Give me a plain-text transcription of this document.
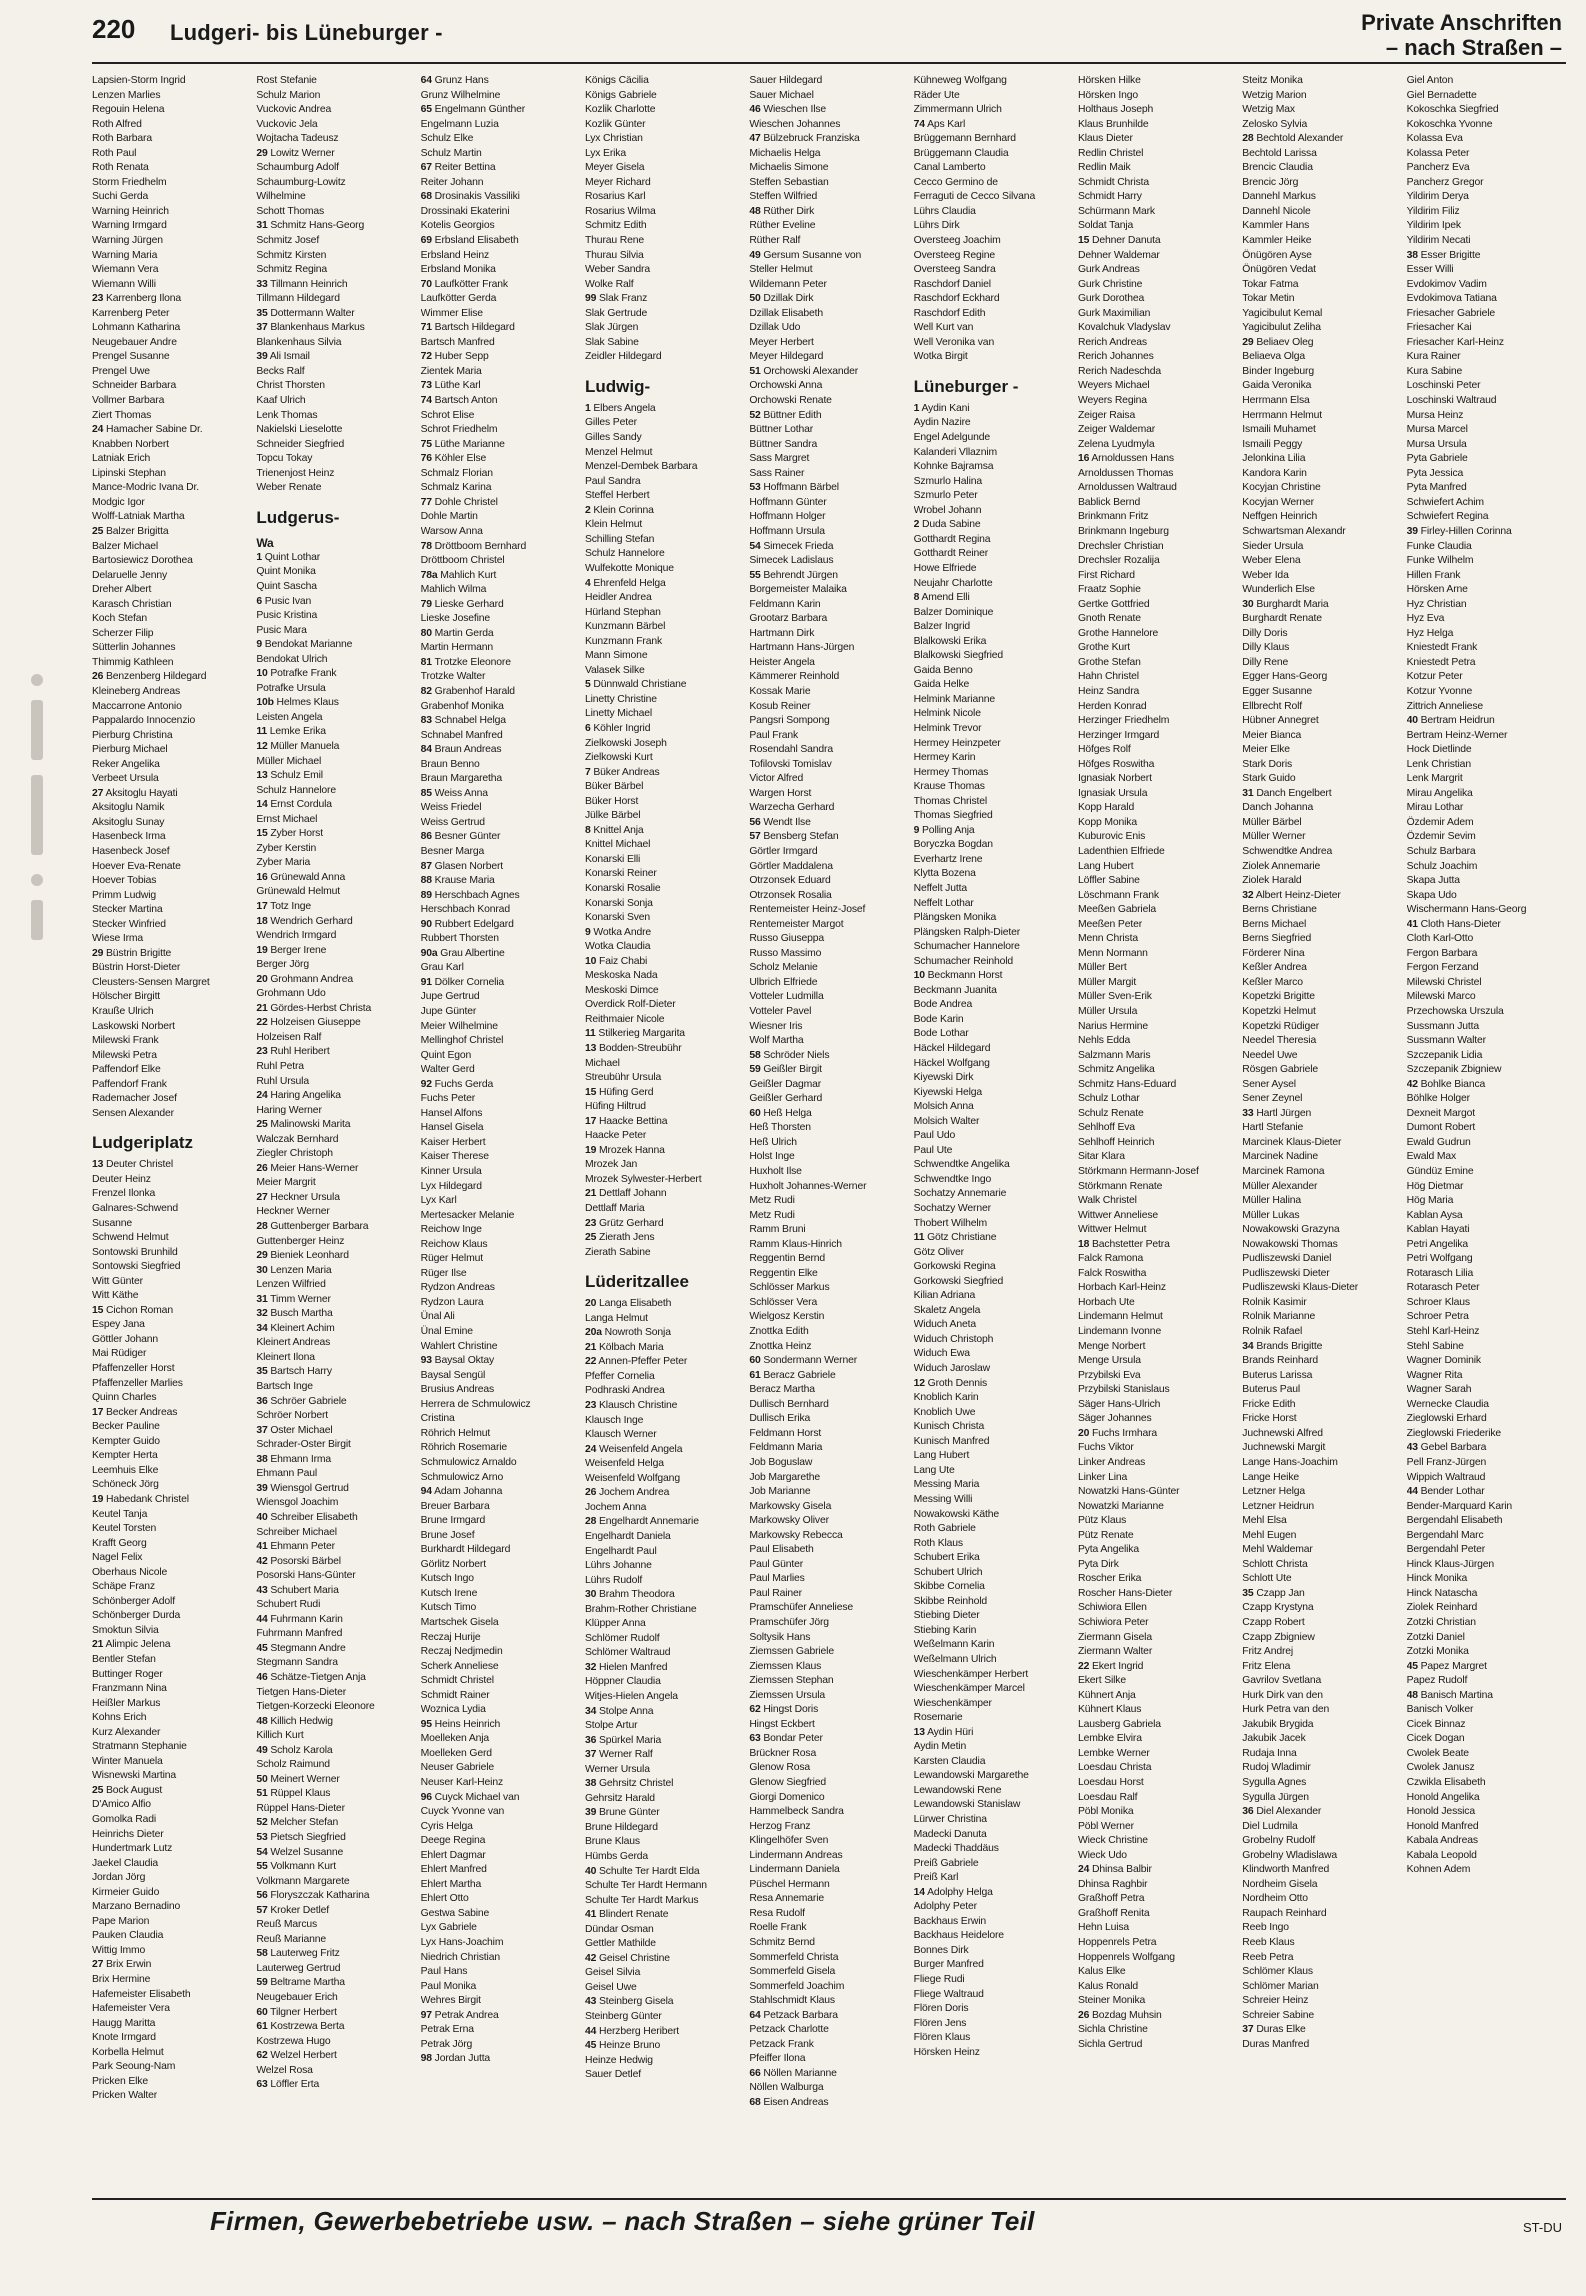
220 Ludgeri- bis Lüneburger -	Private Anschriften
– nach Straßen –
Lapsien-Storm Ingrid
Lenzen Marlies
Regouin Helena
Roth Alfred
Roth Barbara
Roth Paul
Roth Renata
Storm Friedhelm
Suchi Gerda
Warning Heinrich
Warning Irmgard
Warning Jürgen
Warning Maria
Wiemann Vera
Wiemann Willi
23 Karrenberg Ilona
Karrenberg Peter
Lohmann Katharina
Neugebauer Andre
Prengel Susanne
Prengel Uwe
Schneider Barbara
Vollmer Barbara
Ziert Thomas
24 Hamacher Sabine Dr.
Knabben Norbert
Latniak Erich
Lipinski Stephan
Mance-Modric Ivana Dr.
Modgic Igor
Wolff-Latniak Martha
25 Balzer Brigitta
Balzer Michael
Bartosiewicz Dorothea
Delaruelle Jenny
Dreher Albert
Karasch Christian
Koch Stefan
Scherzer Filip
Sütterlin Johannes
Thimmig Kathleen
26 Benzenberg Hildegard
Kleineberg Andreas
Maccarrone Antonio
Pappalardo Innocenzio
Pierburg Christina
Pierburg Michael
Reker Angelika
Verbeet Ursula
27 Aksitoglu Hayati
Aksitoglu Namik
Aksitoglu Sunay
Hasenbeck Irma
Hasenbeck Josef
Hoever Eva-Renate
Hoever Tobias
Primm Ludwig
Stecker Martina
Stecker Winfried
Wiese Irma
29 Büstrin Brigitte
Büstrin Horst-Dieter
Cleusters-Sensen Margret
Hölscher Birgitt
Krauße Ulrich
Laskowski Norbert
Milewski Frank
Milewski Petra
Paffendorf Elke
Paffendorf Frank
Rademacher Josef
Sensen Alexander
Ludgeriplatz
13 Deuter Christel
Deuter Heinz
Frenzel Ilonka
Galnares-Schwend
Susanne
Schwend Helmut
Sontowski Brunhild
Sontowski Siegfried
Witt Günter
Witt Käthe
15 Cichon Roman
Espey Jana
Göttler Johann
Mai Rüdiger
Pfaffenzeller Horst
Pfaffenzeller Marlies
Quinn Charles
17 Becker Andreas
Becker Pauline
Kempter Guido
Kempter Herta
Leemhuis Elke
Schöneck Jörg
19 Habedank Christel
Keutel Tanja
Keutel Torsten
Krafft Georg
Nagel Felix
Oberhaus Nicole
Schäpe Franz
Schönberger Adolf
Schönberger Durda
Smoktun Silvia
21 Alimpic Jelena
Bentler Stefan
Buttinger Roger
Franzmann Nina
Heißler Markus
Kohns Erich
Kurz Alexander
Stratmann Stephanie
Winter Manuela
Wisnewski Martina
25 Bock August
D'Amico Alfio
Gomolka Radi
Heinrichs Dieter
Hundertmark Lutz
Jaekel Claudia
Jordan Jörg
Kirmeier Guido
Marzano Bernadino
Pape Marion
Pauken Claudia
Wittig Immo
27 Brix Erwin
Brix Hermine
Hafemeister Elisabeth
Hafemeister Vera
Haugg Maritta
Knote Irmgard
Korbella Helmut
Park Seoung-Nam
Pricken Elke
Pricken Walter
Rost Stefanie
Schulz Marion
Vuckovic Andrea
Vuckovic Jela
Wojtacha Tadeusz
29 Lowitz Werner
Schaumburg Adolf
Schaumburg-Lowitz
Wilhelmine
Schott Thomas
31 Schmitz Hans-Georg
Schmitz Josef
Schmitz Kirsten
Schmitz Regina
33 Tillmann Heinrich
Tillmann Hildegard
35 Dottermann Walter
37 Blankenhaus Markus
Blankenhaus Silvia
39 Ali Ismail
Becks Ralf
Christ Thorsten
Kaaf Ulrich
Lenk Thomas
Nakielski Lieselotte
Schneider Siegfried
Topcu Tokay
Trienenjost Heinz
Weber Renate
Ludgerus-
Wa
1 Quint Lothar
Quint Monika
Quint Sascha
6 Pusic Ivan
Pusic Kristina
Pusic Mara
9 Bendokat Marianne
Bendokat Ulrich
10 Potrafke Frank
Potrafke Ursula
10b Helmes Klaus
Leisten Angela
11 Lemke Erika
12 Müller Manuela
Müller Michael
13 Schulz Emil
Schulz Hannelore
14 Ernst Cordula
Ernst Michael
15 Zyber Horst
Zyber Kerstin
Zyber Maria
16 Grünewald Anna
Grünewald Helmut
17 Totz Inge
18 Wendrich Gerhard
Wendrich Irmgard
19 Berger Irene
Berger Jörg
20 Grohmann Andrea
Grohmann Udo
21 Gördes-Herbst Christa
22 Holzeisen Giuseppe
Holzeisen Ralf
23 Ruhl Heribert
Ruhl Petra
Ruhl Ursula
24 Haring Angelika
Haring Werner
25 Malinowski Marita
Walczak Bernhard
Ziegler Christoph
26 Meier Hans-Werner
Meier Margrit
27 Heckner Ursula
Heckner Werner
28 Guttenberger Barbara
Guttenberger Heinz
29 Bieniek Leonhard
30 Lenzen Maria
Lenzen Wilfried
31 Timm Werner
32 Busch Martha
34 Kleinert Achim
Kleinert Andreas
Kleinert Ilona
35 Bartsch Harry
Bartsch Inge
36 Schröer Gabriele
Schröer Norbert
37 Oster Michael
Schrader-Oster Birgit
38 Ehmann Irma
Ehmann Paul
39 Wiensgol Gertrud
Wiensgol Joachim
40 Schreiber Elisabeth
Schreiber Michael
41 Ehmann Peter
42 Posorski Bärbel
Posorski Hans-Günter
43 Schubert Maria
Schubert Rudi
44 Fuhrmann Karin
Fuhrmann Manfred
45 Stegmann Andre
Stegmann Sandra
46 Schätze-Tietgen Anja
Tietgen Hans-Dieter
Tietgen-Korzecki Eleonore
48 Killich Hedwig
Killich Kurt
49 Scholz Karola
Scholz Raimund
50 Meinert Werner
51 Rüppel Klaus
Rüppel Hans-Dieter
52 Melcher Stefan
53 Pietsch Siegfried
54 Welzel Susanne
55 Volkmann Kurt
Volkmann Margarete
56 Floryszczak Katharina
57 Kroker Detlef
Reuß Marcus
Reuß Marianne
58 Lauterweg Fritz
Lauterweg Gertrud
59 Beltrame Martha
Neugebauer Erich
60 Tilgner Herbert
61 Kostrzewa Berta
Kostrzewa Hugo
62 Welzel Herbert
Welzel Rosa
63 Löffler Erta
64 Grunz Hans
Grunz Wilhelmine
65 Engelmann Günther
Engelmann Luzia
Schulz Elke
Schulz Martin
67 Reiter Bettina
Reiter Johann
68 Drosinakis Vassiliki
Drossinaki Ekaterini
Kotelis Georgios
69 Erbsland Elisabeth
Erbsland Heinz
Erbsland Monika
70 Laufkötter Frank
Laufkötter Gerda
Wimmer Elise
71 Bartsch Hildegard
Bartsch Manfred
72 Huber Sepp
Zientek Maria
73 Lüthe Karl
74 Bartsch Anton
Schrot Elise
Schrot Friedhelm
75 Lüthe Marianne
76 Köhler Else
Schmalz Florian
Schmalz Karina
77 Dohle Christel
Dohle Martin
Warsow Anna
78 Dröttboom Bernhard
Dröttboom Christel
78a Mahlich Kurt
Mahlich Wilma
79 Lieske Gerhard
Lieske Josefine
80 Martin Gerda
Martin Hermann
81 Trotzke Eleonore
Trotzke Walter
82 Grabenhof Harald
Grabenhof Monika
83 Schnabel Helga
Schnabel Manfred
84 Braun Andreas
Braun Benno
Braun Margaretha
85 Weiss Anna
Weiss Friedel
Weiss Gertrud
86 Besner Günter
Besner Marga
87 Glasen Norbert
88 Krause Maria
89 Herschbach Agnes
Herschbach Konrad
90 Rubbert Edelgard
Rubbert Thorsten
90a Grau Albertine
Grau Karl
91 Dölker Cornelia
Jupe Gertrud
Jupe Günter
Meier Wilhelmine
Mellinghof Christel
Quint Egon
Walter Gerd
92 Fuchs Gerda
Fuchs Peter
Hansel Alfons
Hansel Gisela
Kaiser Herbert
Kaiser Therese
Kinner Ursula
Lyx Hildegard
Lyx Karl
Mertesacker Melanie
Reichow Inge
Reichow Klaus
Rüger Helmut
Rüger Ilse
Rydzon Andreas
Rydzon Laura
Ünal Ali
Ünal Emine
Wahlert Christine
93 Baysal Oktay
Baysal Sengül
Brusius Andreas
Herrera de Schmulowicz
Cristina
Röhrich Helmut
Röhrich Rosemarie
Schmulowicz Arnaldo
Schmulowicz Arno
94 Adam Johanna
Breuer Barbara
Brune Irmgard
Brune Josef
Burkhardt Hildegard
Görlitz Norbert
Kutsch Ingo
Kutsch Irene
Kutsch Timo
Martschek Gisela
Reczaj Hurije
Reczaj Nedjmedin
Scherk Anneliese
Schmidt Christel
Schmidt Rainer
Woznica Lydia
95 Heins Heinrich
Moelleken Anja
Moelleken Gerd
Neuser Gabriele
Neuser Karl-Heinz
96 Cuyck Michael van
Cuyck Yvonne van
Cyris Helga
Deege Regina
Ehlert Dagmar
Ehlert Manfred
Ehlert Martha
Ehlert Otto
Gestwa Sabine
Lyx Gabriele
Lyx Hans-Joachim
Niedrich Christian
Paul Hans
Paul Monika
Wehres Birgit
97 Petrak Andrea
Petrak Erna
Petrak Jörg
98 Jordan Jutta
Königs Cäcilia
Königs Gabriele
Kozlik Charlotte
Kozlik Günter
Lyx Christian
Lyx Erika
Meyer Gisela
Meyer Richard
Rosarius Karl
Rosarius Wilma
Schmitz Edith
Thurau Rene
Thurau Silvia
Weber Sandra
Wolke Ralf
99 Slak Franz
Slak Gertrude
Slak Jürgen
Slak Sabine
Zeidler Hildegard
Ludwig-
1 Elbers Angela
Gilles Peter
Gilles Sandy
Menzel Helmut
Menzel-Dembek Barbara
Paul Sandra
Steffel Herbert
2 Klein Corinna
Klein Helmut
Schilling Stefan
Schulz Hannelore
Wulfekotte Monique
4 Ehrenfeld Helga
Heidler Andrea
Hürland Stephan
Kunzmann Bärbel
Kunzmann Frank
Mann Simone
Valasek Silke
5 Dünnwald Christiane
Linetty Christine
Linetty Michael
6 Köhler Ingrid
Zielkowski Joseph
Zielkowski Kurt
7 Büker Andreas
Büker Bärbel
Büker Horst
Jülke Bärbel
8 Knittel Anja
Knittel Michael
Konarski Elli
Konarski Reiner
Konarski Rosalie
Konarski Sonja
Konarski Sven
9 Wotka Andre
Wotka Claudia
10 Faiz Chabi
Meskoska Nada
Meskoski Dimce
Overdick Rolf-Dieter
Reithmaier Nicole
11 Stilkerieg Margarita
13 Bodden-Streubühr
Michael
Streubühr Ursula
15 Hüfing Gerd
Hüfing Hiltrud
17 Haacke Bettina
Haacke Peter
19 Mrozek Hanna
Mrozek Jan
Mrozek Sylwester-Herbert
21 Dettlaff Johann
Dettlaff Maria
23 Grütz Gerhard
25 Zierath Jens
Zierath Sabine
Lüderitzallee
20 Langa Elisabeth
Langa Helmut
20a Nowroth Sonja
21 Kölbach Maria
22 Annen-Pfeffer Peter
Pfeffer Cornelia
Podhraski Andrea
23 Klausch Christine
Klausch Inge
Klausch Werner
24 Weisenfeld Angela
Weisenfeld Helga
Weisenfeld Wolfgang
26 Jochem Andrea
Jochem Anna
28 Engelhardt Annemarie
Engelhardt Daniela
Engelhardt Paul
Lührs Johanne
Lührs Rudolf
30 Brahm Theodora
Brahm-Rother Christiane
Klüpper Anna
Schlömer Rudolf
Schlömer Waltraud
32 Hielen Manfred
Höppner Claudia
Witjes-Hielen Angela
34 Stolpe Anna
Stolpe Artur
36 Spürkel Maria
37 Werner Ralf
Werner Ursula
38 Gehrsitz Christel
Gehrsitz Harald
39 Brune Günter
Brune Hildegard
Brune Klaus
Hümbs Gerda
40 Schulte Ter Hardt Elda
Schulte Ter Hardt Hermann
Schulte Ter Hardt Markus
41 Blindert Renate
Dündar Osman
Gettler Mathilde
42 Geisel Christine
Geisel Silvia
Geisel Uwe
43 Steinberg Gisela
Steinberg Günter
44 Herzberg Heribert
45 Heinze Bruno
Heinze Hedwig
Sauer Detlef
Sauer Hildegard
Sauer Michael
46 Wieschen Ilse
Wieschen Johannes
47 Bülzebruck Franziska
Michaelis Helga
Michaelis Simone
Steffen Sebastian
Steffen Wilfried
48 Rüther Dirk
Rüther Eveline
Rüther Ralf
49 Gersum Susanne von
Steller Helmut
Wildemann Peter
50 Dzillak Dirk
Dzillak Elisabeth
Dzillak Udo
Meyer Herbert
Meyer Hildegard
51 Orchowski Alexander
Orchowski Anna
Orchowski Renate
52 Büttner Edith
Büttner Lothar
Büttner Sandra
Sass Margret
Sass Rainer
53 Hoffmann Bärbel
Hoffmann Günter
Hoffmann Holger
Hoffmann Ursula
54 Simecek Frieda
Simecek Ladislaus
55 Behrendt Jürgen
Borgemeister Malaika
Feldmann Karin
Grootarz Barbara
Hartmann Dirk
Hartmann Hans-Jürgen
Heister Angela
Kämmerer Reinhold
Kossak Marie
Kosub Reiner
Pangsri Sompong
Paul Frank
Rosendahl Sandra
Tofilovski Tomislav
Victor Alfred
Wargen Horst
Warzecha Gerhard
56 Wendt Ilse
57 Bensberg Stefan
Görtler Irmgard
Görtler Maddalena
Otrzonsek Eduard
Otrzonsek Rosalia
Rentemeister Heinz-Josef
Rentemeister Margot
Russo Giuseppa
Russo Massimo
Scholz Melanie
Ulbrich Elfriede
Votteler Ludmilla
Votteler Pavel
Wiesner Iris
Wolf Martha
58 Schröder Niels
59 Geißler Birgit
Geißler Dagmar
Geißler Gerhard
60 Heß Helga
Heß Thorsten
Heß Ulrich
Holst Inge
Huxholt Ilse
Huxholt Johannes-Werner
Metz Rudi
Metz Rudi
Ramm Bruni
Ramm Klaus-Hinrich
Reggentin Bernd
Reggentin Elke
Schlösser Markus
Schlösser Vera
Wielgosz Kerstin
Znottka Edith
Znottka Heinz
60 Sondermann Werner
61 Beracz Gabriele
Beracz Martha
Dullisch Bernhard
Dullisch Erika
Feldmann Horst
Feldmann Maria
Job Boguslaw
Job Margarethe
Job Marianne
Markowsky Gisela
Markowsky Oliver
Markowsky Rebecca
Paul Elisabeth
Paul Günter
Paul Marlies
Paul Rainer
Pramschüfer Anneliese
Pramschüfer Jörg
Soltysik Hans
Ziemssen Gabriele
Ziemssen Klaus
Ziemssen Stephan
Ziemssen Ursula
62 Hingst Doris
Hingst Eckbert
63 Bondar Peter
Brückner Rosa
Glenow Rosa
Glenow Siegfried
Giorgi Domenico
Hammelbeck Sandra
Herzog Franz
Klingelhöfer Sven
Lindermann Andreas
Lindermann Daniela
Püschel Hermann
Resa Annemarie
Resa Rudolf
Roelle Frank
Schmitz Bernd
Sommerfeld Christa
Sommerfeld Gisela
Sommerfeld Joachim
Stahlschmidt Klaus
64 Petzack Barbara
Petzack Charlotte
Petzack Frank
Pfeiffer Ilona
66 Nöllen Marianne
Nöllen Walburga
68 Eisen Andreas
Kühneweg Wolfgang
Räder Ute
Zimmermann Ulrich
74 Aps Karl
Brüggemann Bernhard
Brüggemann Claudia
Canal Lamberto
Cecco Germino de
Ferraguti de Cecco Silvana
Lührs Claudia
Lührs Dirk
Oversteeg Joachim
Oversteeg Regine
Oversteeg Sandra
Raschdorf Daniel
Raschdorf Eckhard
Raschdorf Edith
Well Kurt van
Well Veronika van
Wotka Birgit
Lüneburger -
1 Aydin Kani
Aydin Nazire
Engel Adelgunde
Kalanderi Vllaznim
Kohnke Bajramsa
Szmurlo Halina
Szmurlo Peter
Wrobel Johann
2 Duda Sabine
Gotthardt Regina
Gotthardt Reiner
Howe Elfriede
Neujahr Charlotte
8 Amend Elli
Balzer Dominique
Balzer Ingrid
Blalkowski Erika
Blalkowski Siegfried
Gaida Benno
Gaida Helke
Helmink Marianne
Helmink Nicole
Helmink Trevor
Hermey Heinzpeter
Hermey Karin
Hermey Thomas
Krause Thomas
Thomas Christel
Thomas Siegfried
9 Polling Anja
Boryczka Bogdan
Everhartz Irene
Klytta Bozena
Neffelt Jutta
Neffelt Lothar
Plängsken Monika
Plängsken Ralph-Dieter
Schumacher Hannelore
Schumacher Reinhold
10 Beckmann Horst
Beckmann Juanita
Bode Andrea
Bode Karin
Bode Lothar
Häckel Hildegard
Häckel Wolfgang
Kiyewski Dirk
Kiyewski Helga
Molsich Anna
Molsich Walter
Paul Udo
Paul Ute
Schwendtke Angelika
Schwendtke Ingo
Sochatzy Annemarie
Sochatzy Werner
Thobert Wilhelm
11 Götz Christiane
Götz Oliver
Gorkowski Regina
Gorkowski Siegfried
Kilian Adriana
Skaletz Angela
Widuch Aneta
Widuch Christoph
Widuch Ewa
Widuch Jaroslaw
12 Groth Dennis
Knoblich Karin
Knoblich Uwe
Kunisch Christa
Kunisch Manfred
Lang Hubert
Lang Ute
Messing Maria
Messing Willi
Nowakowski Käthe
Roth Gabriele
Roth Klaus
Schubert Erika
Schubert Ulrich
Skibbe Cornelia
Skibbe Reinhold
Stiebing Dieter
Stiebing Karin
Weßelmann Karin
Weßelmann Ulrich
Wieschenkämper Herbert
Wieschenkämper Marcel
Wieschenkämper
Rosemarie
13 Aydin Hüri
Aydin Metin
Karsten Claudia
Lewandowski Margarethe
Lewandowski Rene
Lewandowski Stanislaw
Lürwer Christina
Madecki Danuta
Madecki Thaddäus
Preiß Gabriele
Preiß Karl
14 Adolphy Helga
Adolphy Peter
Backhaus Erwin
Backhaus Heidelore
Bonnes Dirk
Burger Manfred
Fliege Rudi
Fliege Waltraud
Flören Doris
Flören Jens
Flören Klaus
Hörsken Heinz
Hörsken Hilke
Hörsken Ingo
Holthaus Joseph
Klaus Brunhilde
Klaus Dieter
Redlin Christel
Redlin Maik
Schmidt Christa
Schmidt Harry
Schürmann Mark
Soldat Tanja
15 Dehner Danuta
Dehner Waldemar
Gurk Andreas
Gurk Christine
Gurk Dorothea
Gurk Maximilian
Kovalchuk Vladyslav
Rerich Andreas
Rerich Johannes
Rerich Nadeschda
Weyers Michael
Weyers Regina
Zeiger Raisa
Zeiger Waldemar
Zelena Lyudmyla
16 Arnoldussen Hans
Arnoldussen Thomas
Arnoldussen Waltraud
Bablick Bernd
Brinkmann Fritz
Brinkmann Ingeburg
Drechsler Christian
Drechsler Rozalija
First Richard
Fraatz Sophie
Gertke Gottfried
Gnoth Renate
Grothe Hannelore
Grothe Kurt
Grothe Stefan
Hahn Christel
Heinz Sandra
Herden Konrad
Herzinger Friedhelm
Herzinger Irmgard
Höfges Rolf
Höfges Roswitha
Ignasiak Norbert
Ignasiak Ursula
Kopp Harald
Kopp Monika
Kuburovic Enis
Ladenthien Elfriede
Lang Hubert
Löffler Sabine
Löschmann Frank
Meeßen Gabriela
Meeßen Peter
Menn Christa
Menn Normann
Müller Bert
Müller Margit
Müller Sven-Erik
Müller Ursula
Narius Hermine
Nehls Edda
Salzmann Maris
Schmitz Angelika
Schmitz Hans-Eduard
Schulz Lothar
Schulz Renate
Sehlhoff Eva
Sehlhoff Heinrich
Sitar Klara
Störkmann Hermann-Josef
Störkmann Renate
Walk Christel
Wittwer Anneliese
Wittwer Helmut
18 Bachstetter Petra
Falck Ramona
Falck Roswitha
Horbach Karl-Heinz
Horbach Ute
Lindemann Helmut
Lindemann Ivonne
Menge Norbert
Menge Ursula
Przybilski Eva
Przybilski Stanislaus
Säger Hans-Ulrich
Säger Johannes
20 Fuchs Irmhara
Fuchs Viktor
Linker Andreas
Linker Lina
Nowatzki Hans-Günter
Nowatzki Marianne
Pütz Klaus
Pütz Renate
Pyta Angelika
Pyta Dirk
Roscher Erika
Roscher Hans-Dieter
Schiwiora Ellen
Schiwiora Peter
Ziermann Gisela
Ziermann Walter
22 Ekert Ingrid
Ekert Silke
Kühnert Anja
Kühnert Klaus
Lausberg Gabriela
Lembke Elvira
Lembke Werner
Loesdau Christa
Loesdau Horst
Loesdau Ralf
Pöbl Monika
Pöbl Werner
Wieck Christine
Wieck Udo
24 Dhinsa Balbir
Dhinsa Raghbir
Graßhoff Petra
Graßhoff Renita
Hehn Luisa
Hoppenrels Petra
Hoppenrels Wolfgang
Kalus Elke
Kalus Ronald
Steiner Monika
26 Bozdag Muhsin
Sichla Christine
Sichla Gertrud
Steitz Monika
Wetzig Marion
Wetzig Max
Zelosko Sylvia
28 Bechtold Alexander
Bechtold Larissa
Brencic Claudia
Brencic Jörg
Dannehl Markus
Dannehl Nicole
Kammler Hans
Kammler Heike
Önügören Ayse
Önügören Vedat
Tokar Fatma
Tokar Metin
Yagicibulut Kemal
Yagicibulut Zeliha
29 Beliaev Oleg
Beliaeva Olga
Binder Ingeburg
Gaida Veronika
Herrmann Elsa
Herrmann Helmut
Ismaili Muhamet
Ismaili Peggy
Jelonkina Lilia
Kandora Karin
Kocyjan Christine
Kocyjan Werner
Neffgen Heinrich
Schwartsman Alexandr
Sieder Ursula
Weber Elena
Weber Ida
Wunderlich Else
30 Burghardt Maria
Burghardt Renate
Dilly Doris
Dilly Klaus
Dilly Rene
Egger Hans-Georg
Egger Susanne
Ellbrecht Rolf
Hübner Annegret
Meier Bianca
Meier Elke
Stark Doris
Stark Guido
31 Danch Engelbert
Danch Johanna
Müller Bärbel
Müller Werner
Schwendtke Andrea
Ziolek Annemarie
Ziolek Harald
32 Albert Heinz-Dieter
Berns Christiane
Berns Michael
Berns Siegfried
Förderer Nina
Keßler Andrea
Keßler Marco
Kopetzki Brigitte
Kopetzki Helmut
Kopetzki Rüdiger
Needel Theresia
Needel Uwe
Rösgen Gabriele
Sener Aysel
Sener Zeynel
33 Hartl Jürgen
Hartl Stefanie
Marcinek Klaus-Dieter
Marcinek Nadine
Marcinek Ramona
Müller Alexander
Müller Halina
Müller Lukas
Nowakowski Grazyna
Nowakowski Thomas
Pudliszewski Daniel
Pudliszewski Dieter
Pudliszewski Klaus-Dieter
Rolnik Kasimir
Rolnik Marianne
Rolnik Rafael
34 Brands Brigitte
Brands Reinhard
Buterus Larissa
Buterus Paul
Fricke Edith
Fricke Horst
Juchnewski Alfred
Juchnewski Margit
Lange Hans-Joachim
Lange Heike
Letzner Helga
Letzner Heidrun
Mehl Elsa
Mehl Eugen
Mehl Waldemar
Schlott Christa
Schlott Ute
35 Czapp Jan
Czapp Krystyna
Czapp Robert
Czapp Zbigniew
Fritz Andrej
Fritz Elena
Gavrilov Svetlana
Hurk Dirk van den
Hurk Petra van den
Jakubik Brygida
Jakubik Jacek
Rudaja Inna
Rudoj Wladimir
Sygulla Agnes
Sygulla Jürgen
36 Diel Alexander
Diel Ludmila
Grobelny Rudolf
Grobelny Wladislawa
Klindworth Manfred
Nordheim Gisela
Nordheim Otto
Raupach Reinhard
Reeb Ingo
Reeb Klaus
Reeb Petra
Schlömer Klaus
Schlömer Marian
Schreier Heinz
Schreier Sabine
37 Duras Elke
Duras Manfred
Giel Anton
Giel Bernadette
Kokoschka Siegfried
Kokoschka Yvonne
Kolassa Eva
Kolassa Peter
Pancherz Eva
Pancherz Gregor
Yildirim Derya
Yildirim Filiz
Yildirim Ipek
Yildirim Necati
38 Esser Brigitte
Esser Willi
Evdokimov Vadim
Evdokimova Tatiana
Friesacher Gabriele
Friesacher Kai
Friesacher Karl-Heinz
Kura Rainer
Kura Sabine
Loschinski Peter
Loschinski Waltraud
Mursa Heinz
Mursa Marcel
Mursa Ursula
Pyta Gabriele
Pyta Jessica
Pyta Manfred
Schwiefert Achim
Schwiefert Regina
39 Firley-Hillen Corinna
Funke Claudia
Funke Wilhelm
Hillen Frank
Hörsken Arne
Hyz Christian
Hyz Eva
Hyz Helga
Kniestedt Frank
Kniestedt Petra
Kotzur Peter
Kotzur Yvonne
Zittrich Anneliese
40 Bertram Heidrun
Bertram Heinz-Werner
Hock Dietlinde
Lenk Christian
Lenk Margrit
Mirau Angelika
Mirau Lothar
Özdemir Adem
Özdemir Sevim
Schulz Barbara
Schulz Joachim
Skapa Jutta
Skapa Udo
Wischermann Hans-Georg
41 Cloth Hans-Dieter
Cloth Karl-Otto
Fergon Barbara
Fergon Ferzand
Milewski Christel
Milewski Marco
Przechowska Urszula
Sussmann Jutta
Sussmann Walter
Szczepanik Lidia
Szczepanik Zbigniew
42 Bohlke Bianca
Böhlke Holger
Dexneit Margot
Dumont Robert
Ewald Gudrun
Ewald Max
Gündüz Emine
Hög Dietmar
Hög Maria
Kablan Aysa
Kablan Hayati
Petri Angelika
Petri Wolfgang
Rotarasch Lilia
Rotarasch Peter
Schroer Klaus
Schroer Petra
Stehl Karl-Heinz
Stehl Sabine
Wagner Dominik
Wagner Rita
Wagner Sarah
Wernecke Claudia
Zieglowski Erhard
Zieglowski Friederike
43 Gebel Barbara
Pell Franz-Jürgen
Wippich Waltraud
44 Bender Lothar
Bender-Marquard Karin
Bergendahl Elisabeth
Bergendahl Marc
Bergendahl Peter
Hinck Klaus-Jürgen
Hinck Monika
Hinck Natascha
Ziolek Reinhard
Zotzki Christian
Zotzki Daniel
Zotzki Monika
45 Papez Margret
Papez Rudolf
48 Banisch Martina
Banisch Volker
Cicek Binnaz
Cicek Dogan
Cwolek Beate
Cwolek Janusz
Czwikla Elisabeth
Honold Angelika
Honold Jessica
Honold Manfred
Kabala Andreas
Kabala Leopold
Kohnen Adem
Firmen, Gewerbebetriebe usw. – nach Straßen – siehe grüner Teil	ST-DU
